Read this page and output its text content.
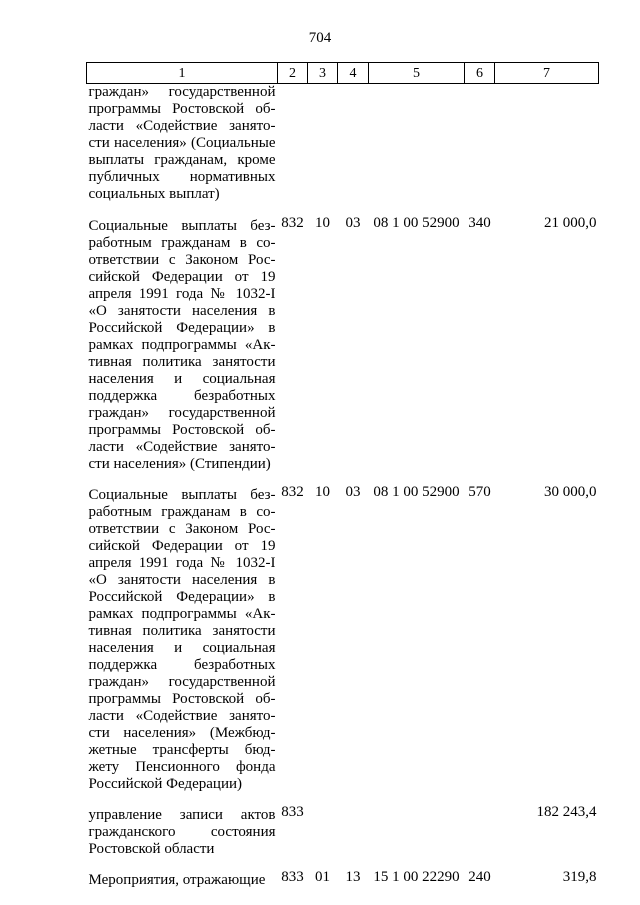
704
1	2	3	4	5	6	7
граждан» государственной программы Ростовской области «Содействие занятости населения» (Социальные выплаты гражданам, кроме публичных нормативных социальных выплат)						
Социальные выплаты безработным гражданам в соответствии с Законом Российской Федерации от 19 апреля 1991 года № 1032-I «О занятости населения в Российской Федерации» в рамках подпрограммы «Активная политика занятости населения и социальная поддержка безработных граждан» государственной программы Ростовской области «Содействие занятости населения» (Стипендии)	832	10	03	08 1 00 52900	340	21 000,0
Социальные выплаты безработным гражданам в соответствии с Законом Российской Федерации от 19 апреля 1991 года № 1032-I «О занятости населения в Российской Федерации» в рамках подпрограммы «Активная политика занятости населения и социальная поддержка безработных граждан» государственной программы Ростовской области «Содействие занятости населения» (Межбюджетные трансферты бюджету Пенсионного фонда Российской Федерации)	832	10	03	08 1 00 52900	570	30 000,0
управление записи актов гражданского состояния Ростовской области	833					182 243,4
Мероприятия, отражающие	833	01	13	15 1 00 22290	240	319,8
